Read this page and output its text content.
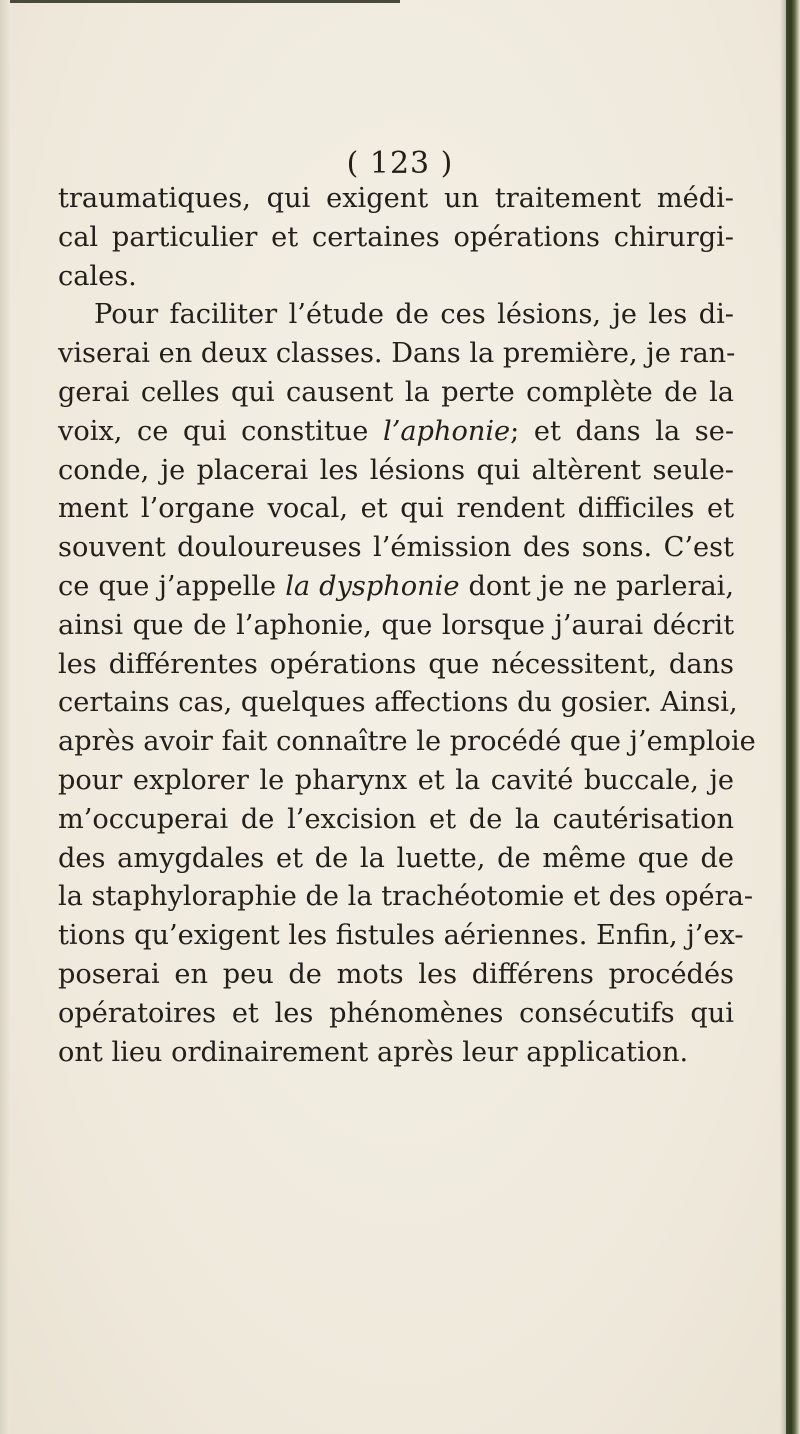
( 123 )
traumatiques, qui exigent un traitement médi-
cal particulier et certaines opérations chirurgi-
cales.
Pour faciliter l’étude de ces lésions, je les di-
viserai en deux classes. Dans la première, je ran-
gerai celles qui causent la perte complète de la
voix, ce qui constitue l’aphonie; et dans la se-
conde, je placerai les lésions qui altèrent seule-
ment l’organe vocal, et qui rendent difficiles et
souvent douloureuses l’émission des sons. C’est
ce que j’appelle la dysphonie dont je ne parlerai,
ainsi que de l’aphonie, que lorsque j’aurai décrit
les différentes opérations que nécessitent, dans
certains cas, quelques affections du gosier. Ainsi,
après avoir fait connaître le procédé que j’emploie
pour explorer le pharynx et la cavité buccale, je
m’occuperai de l’excision et de la cautérisation
des amygdales et de la luette, de même que de
la staphyloraphie de la trachéotomie et des opéra-
tions qu’exigent les fistules aériennes. Enfin, j’ex-
poserai en peu de mots les différens procédés
opératoires et les phénomènes consécutifs qui
ont lieu ordinairement après leur application.
